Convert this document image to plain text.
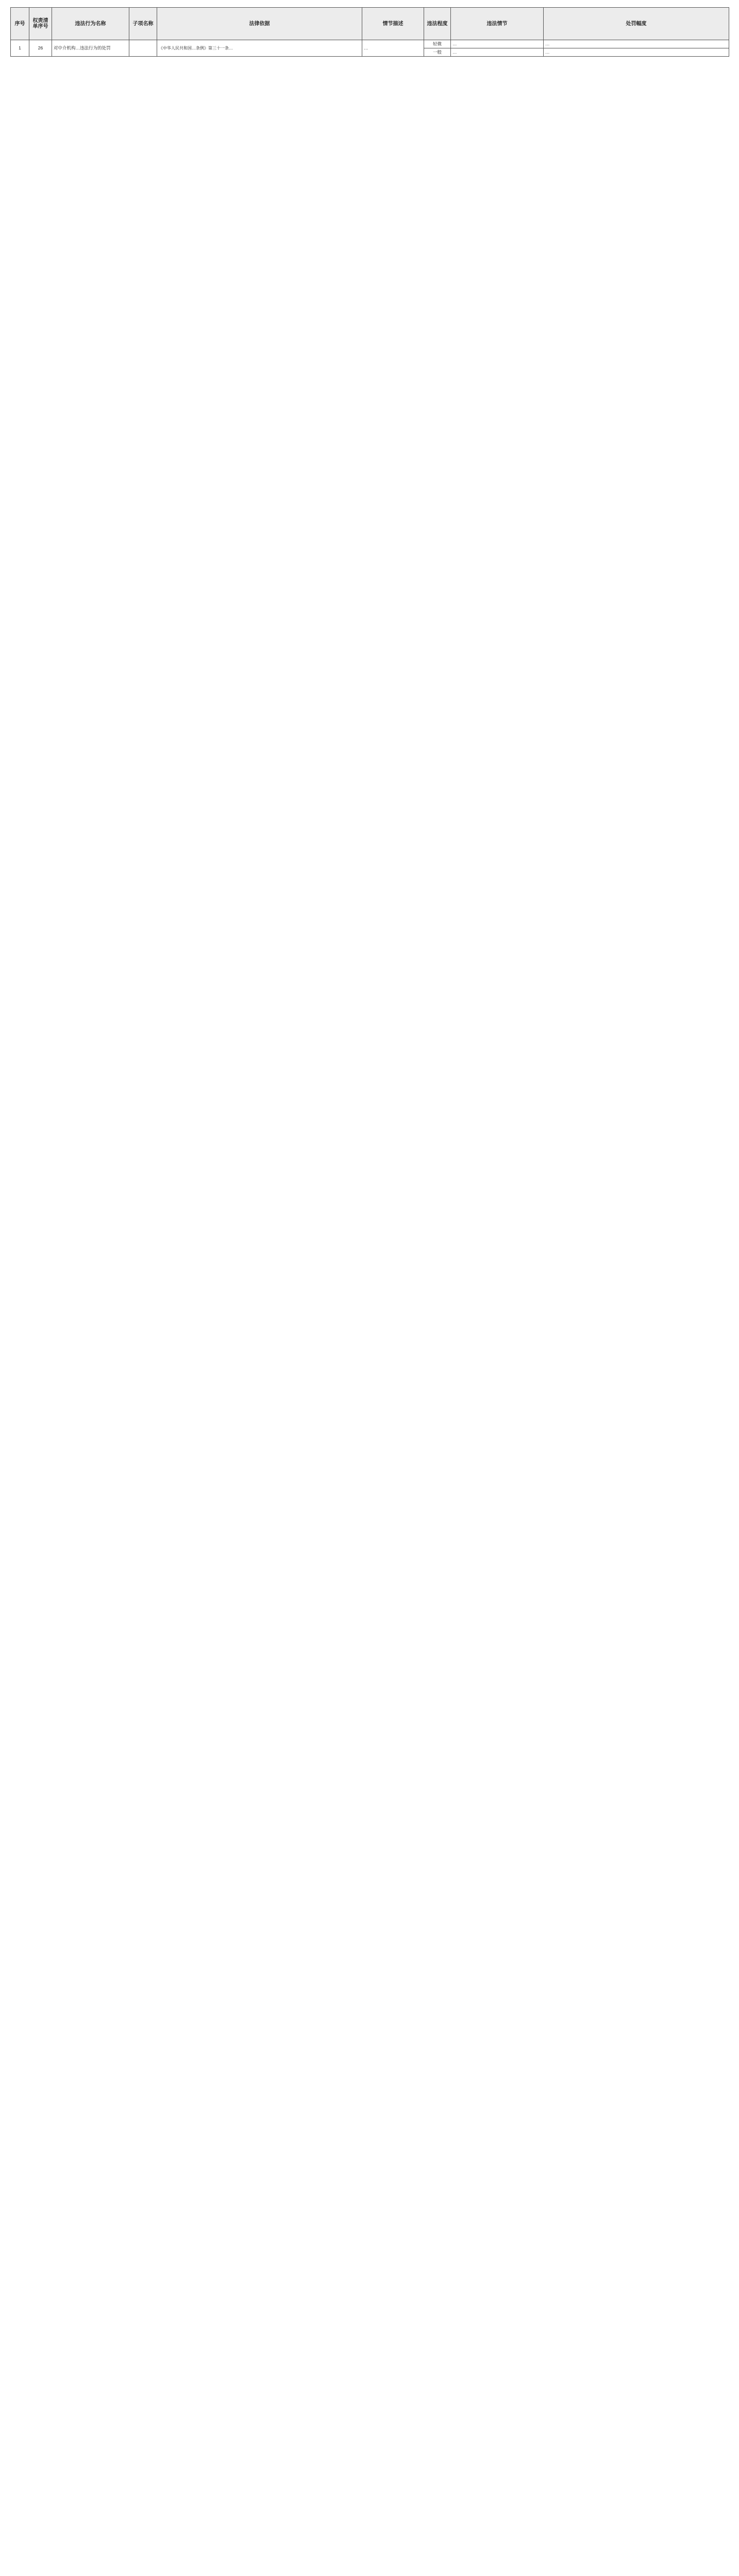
序号	权责清单序号	违法行为名称	子项名称	法律依据	情节描述	违法程度	违法情节	处罚幅度
1	26	对中介机构…违法行为的处罚		《中华人民共和国…条例》第三十一条…	…	轻微	…	…
						一般	…	…
